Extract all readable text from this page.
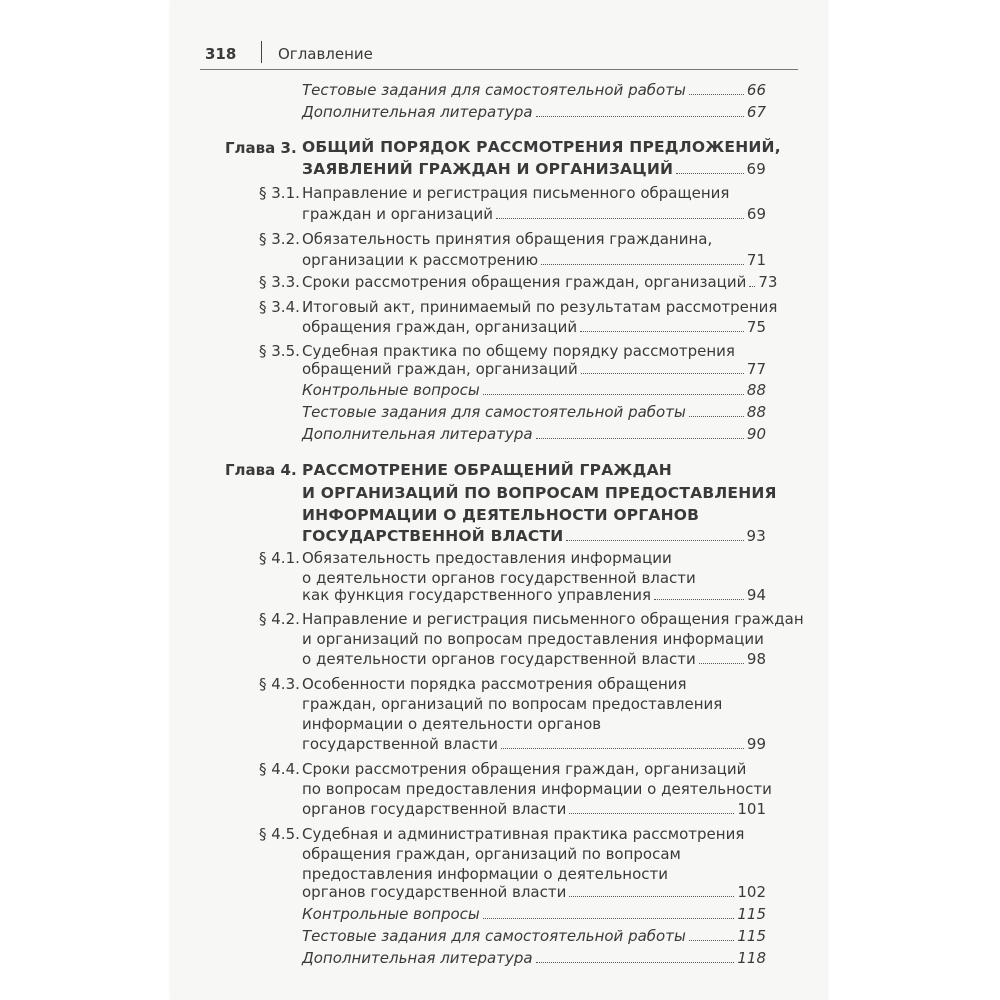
318	Оглавление
Тестовые задания для самостоятельной работы	66
Дополнительная литература	67
Глава 3. ОБЩИЙ ПОРЯДОК РАССМОТРЕНИЯ ПРЕДЛОЖЕНИЙ,
ЗАЯВЛЕНИЙ ГРАЖДАН И ОРГАНИЗАЦИЙ	69
§ 3.1. Направление и регистрация письменного обращения
граждан и организаций	69
§ 3.2. Обязательность принятия обращения гражданина,
организации к рассмотрению	71
§ 3.3. Сроки рассмотрения обращения граждан, организаций 73
§ 3.4. Итоговый акт, принимаемый по результатам рассмотрения
обращения граждан, организаций	75
§ 3.5. Судебная практика по общему порядку рассмотрения
обращений граждан, организаций	77
Контрольные вопросы	88
Тестовые задания для самостоятельной работы	88
Дополнительная литература	90
Глава 4. РАССМОТРЕНИЕ ОБРАЩЕНИЙ ГРАЖДАН
И ОРГАНИЗАЦИЙ ПО ВОПРОСАМ ПРЕДОСТАВЛЕНИЯ
ИНФОРМАЦИИ О ДЕЯТЕЛЬНОСТИ ОРГАНОВ
ГОСУДАРСТВЕННОЙ ВЛАСТИ	93
§ 4.1. Обязательность предоставления информации
о деятельности органов государственной власти
как функция государственного управления	94
§ 4.2. Направление и регистрация письменного обращения граждан
и организаций по вопросам предоставления информации
о деятельности органов государственной власти	98
§ 4.3. Особенности порядка рассмотрения обращения
граждан, организаций по вопросам предоставления
информации о деятельности органов
государственной власти	99
§ 4.4. Сроки рассмотрения обращения граждан, организаций
по вопросам предоставления информации о деятельности
органов государственной власти	101
§ 4.5. Судебная и административная практика рассмотрения
обращения граждан, организаций по вопросам
предоставления информации о деятельности
органов государственной власти	102
Контрольные вопросы	115
Тестовые задания для самостоятельной работы	115
Дополнительная литература	118
